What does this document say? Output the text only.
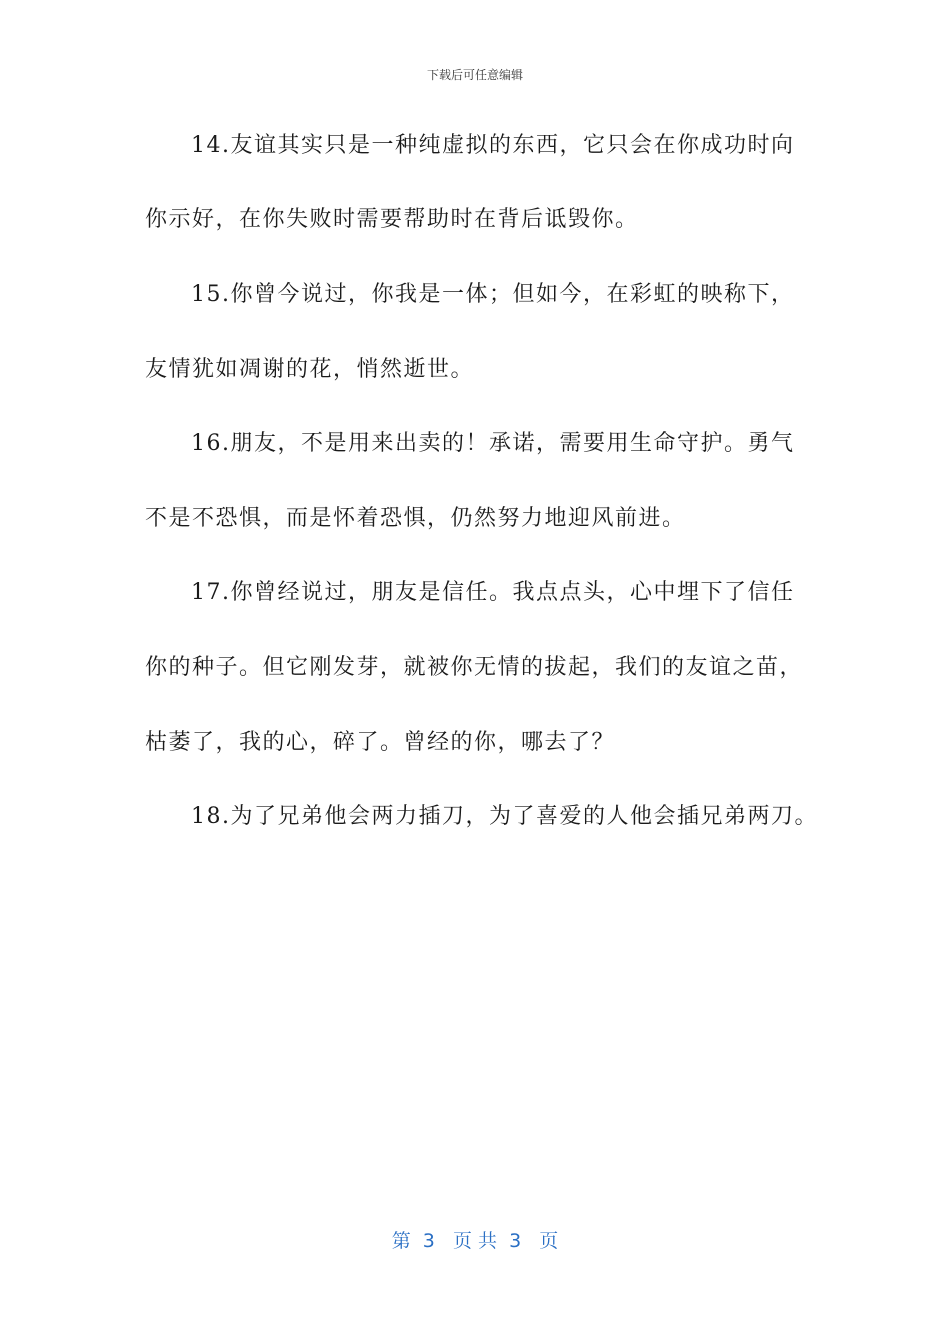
下载后可任意编辑
14.友谊其实只是一种纯虚拟的东西，它只会在你成功时向
你示好，在你失败时需要帮助时在背后诋毁你。
15.你曾今说过，你我是一体；但如今，在彩虹的映称下，
友情犹如凋谢的花，悄然逝世。
16.朋友，不是用来出卖的！承诺，需要用生命守护。勇气
不是不恐惧，而是怀着恐惧，仍然努力地迎风前进。
17.你曾经说过，朋友是信任。我点点头，心中埋下了信任
你的种子。但它刚发芽，就被你无情的拔起，我们的友谊之苗，
枯萎了，我的心，碎了。曾经的你，哪去了？
18.为了兄弟他会两力插刀，为了喜爱的人他会插兄弟两刀。
第  3   页 共  3   页
